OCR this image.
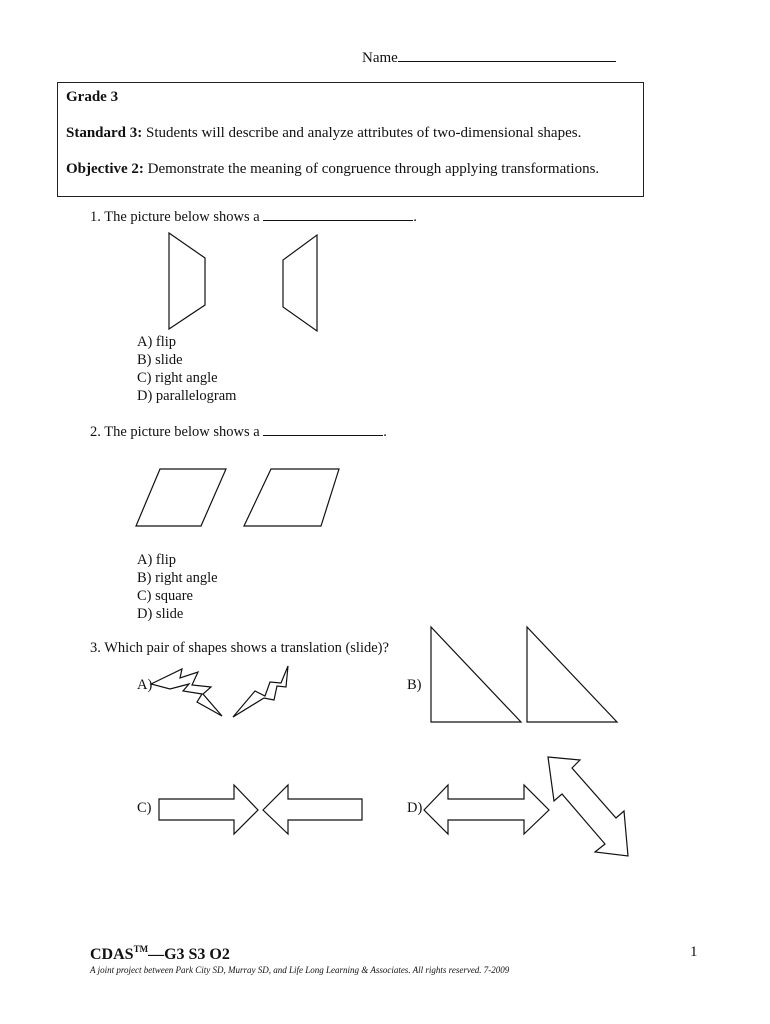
Name
Grade 3
Standard 3: Students will describe and analyze attributes of two-dimensional shapes.
Objective 2: Demonstrate the meaning of congruence through applying transformations.
1. The picture below shows a	.
A) flip
B) slide
C) right angle
D) parallelogram
2. The picture below shows a	.
A) flip
B) right angle
C) square
D) slide
3. Which pair of shapes shows a translation (slide)?
A)	B)
C)	D)
CDAS™—G3 S3 O2
A joint project between Park City SD, Murray SD, and Life Long Learning & Associates. All rights reserved. 7-2009
1
